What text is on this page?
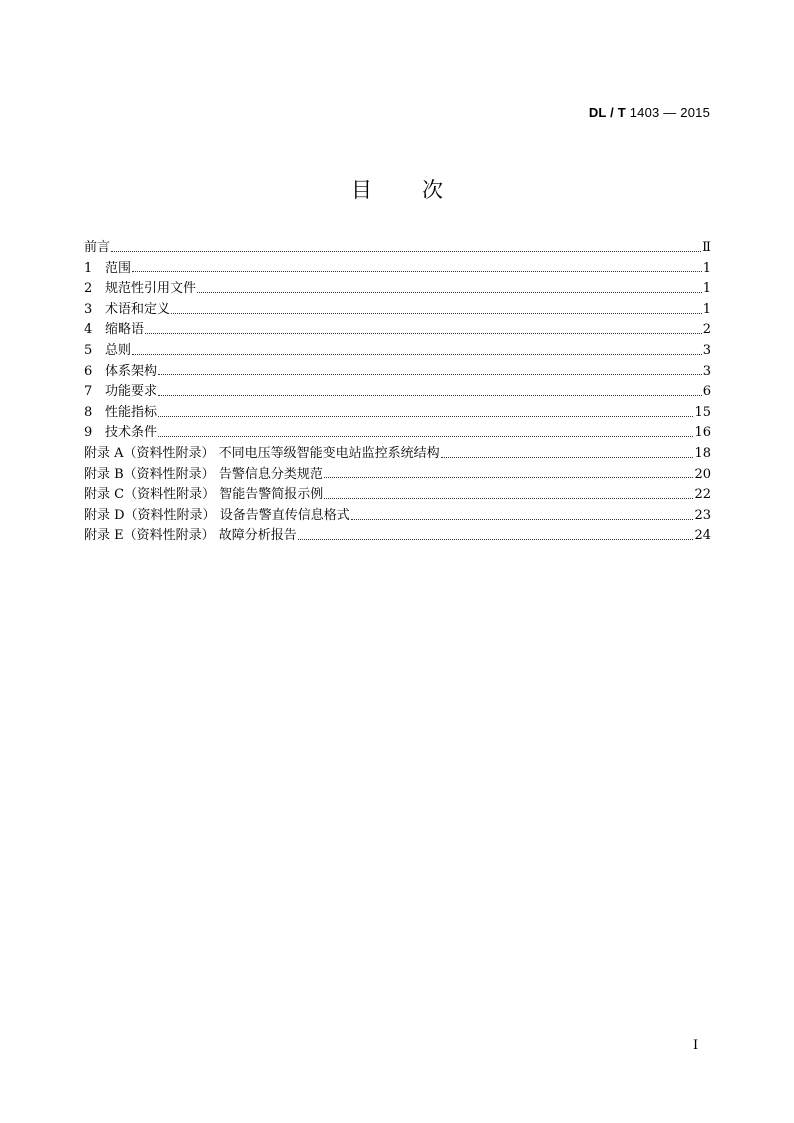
DL / T 1403 — 2015
目 次
前言	Ⅱ
1 范围	1
2 规范性引用文件	1
3 术语和定义	1
4 缩略语	2
5 总则	3
6 体系架构	3
7 功能要求	6
8 性能指标	15
9 技术条件	16
附录 A（资料性附录） 不同电压等级智能变电站监控系统结构	18
附录 B（资料性附录） 告警信息分类规范	20
附录 C（资料性附录） 智能告警简报示例	22
附录 D（资料性附录） 设备告警直传信息格式	23
附录 E（资料性附录） 故障分析报告	24
I
